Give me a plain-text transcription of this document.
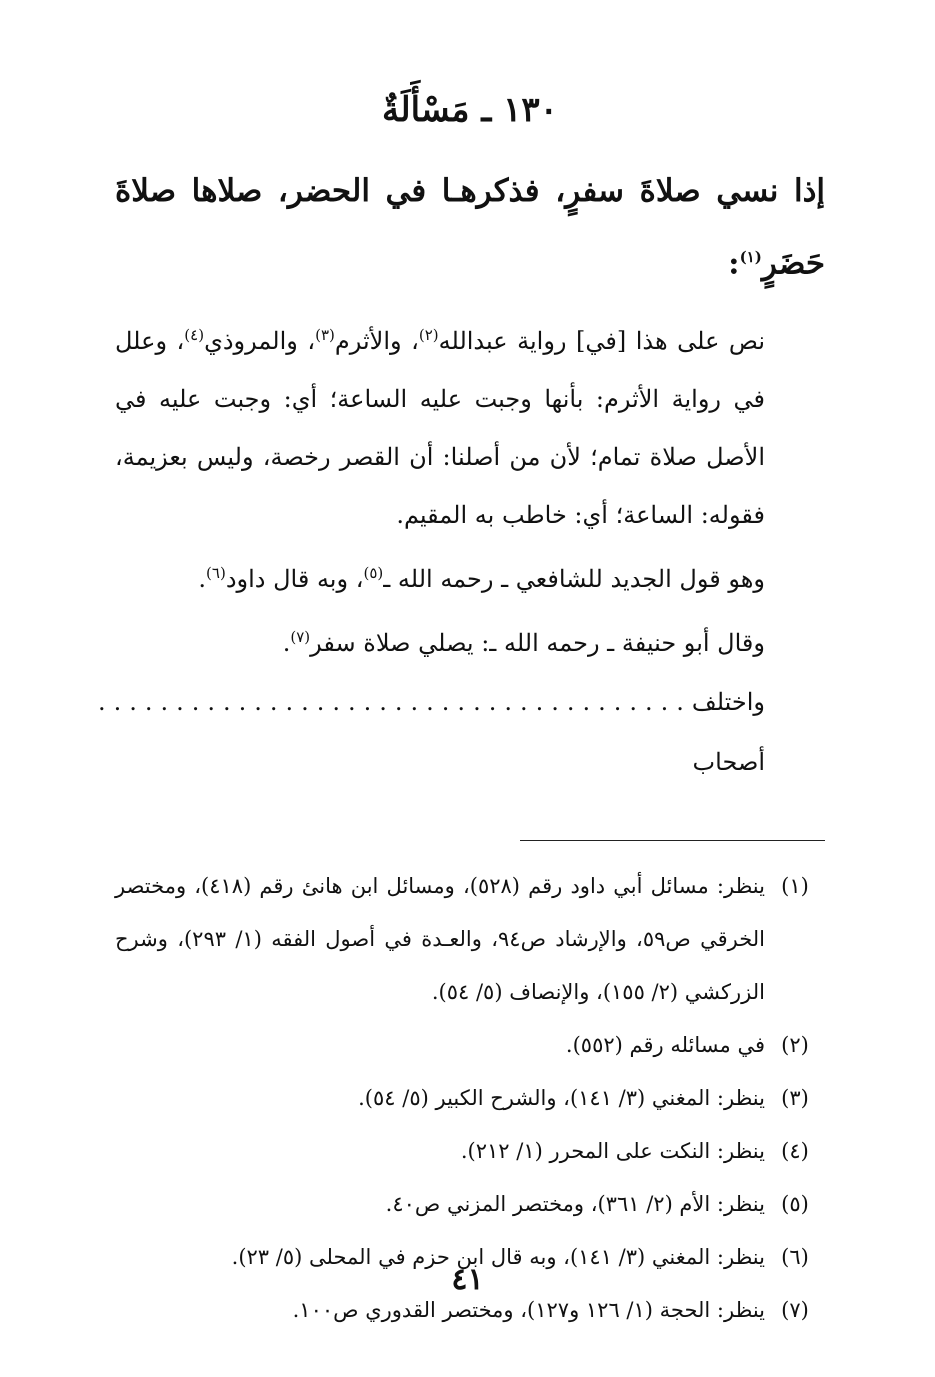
١٣٠ ـ مَسْأَلَةٌ
إذا نسي صلاةَ سفرٍ، فذكرهـا في الحضر، صلاها صلاةَ حَضَرٍ$^{(١)}$:
نص على هذا [في] رواية عبدالله$^{(٢)}$، والأثرم$^{(٣)}$، والمروذي$^{(٤)}$، وعلل في رواية الأثرم: بأنها وجبت عليه الساعة؛ أي: وجبت عليه في الأصل صلاة تمام؛ لأن من أصلنا: أن القصر رخصة، وليس بعزيمة، فقوله: الساعة؛ أي: خاطب به المقيم.
وهو قول الجديد للشافعي ـ رحمه الله ـ$^{(٥)}$، وبه قال داود$^{(٦)}$.
وقال أبو حنيفة ـ رحمه الله ـ: يصلي صلاة سفر$^{(٧)}$.
واختلف أصحاب
......................................
(١)
ينظر: مسائل أبي داود رقم (٥٢٨)، ومسائل ابن هانئ رقم (٤١٨)، ومختصر الخرقي ص٥٩، والإرشاد ص٩٤، والعـدة في أصول الفقه (١/ ٢٩٣)، وشرح الزركشي (٢/ ١٥٥)، والإنصاف (٥/ ٥٤).
(٢)
في مسائله رقم (٥٥٢).
(٣)
ينظر: المغني (٣/ ١٤١)، والشرح الكبير (٥/ ٥٤).
(٤)
ينظر: النكت على المحرر (١/ ٢١٢).
(٥)
ينظر: الأم (٢/ ٣٦١)، ومختصر المزني ص٤٠.
(٦)
ينظر: المغني (٣/ ١٤١)، وبه قال ابن حزم في المحلى (٥/ ٢٣).
(٧)
ينظر: الحجة (١/ ١٢٦ و١٢٧)، ومختصر القدوري ص١٠٠.
٤١
